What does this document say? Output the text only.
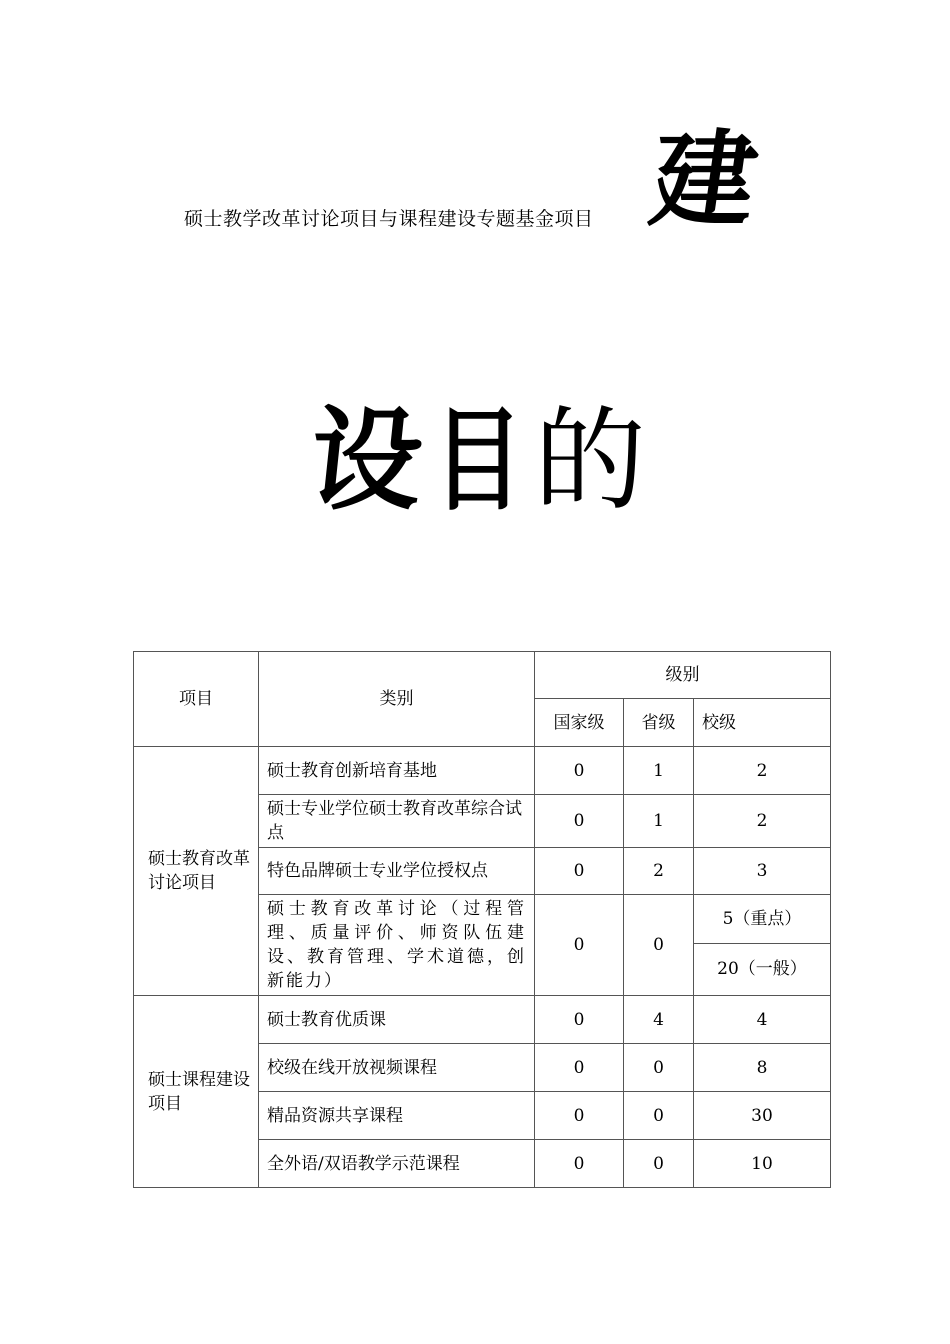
硕士教学改革讨论项目与课程建设专题基金项目 建
设目 的
项目	类别	级别		
		国家级	省级	校级
硕士教育改革讨论项目	硕士教育创新培育基地	0	1	2
	硕士专业学位硕士教育改革综合试点	0	1	2
	特色品牌硕士专业学位授权点	0	2	3
	硕士教育改革讨论（过程管理、质量评价、师资队伍建设、教育管理、学术道德，创新能力）	0	0	5（重点）
				20（一般）
硕士课程建设项目	硕士教育优质课	0	4	4
	校级在线开放视频课程	0	0	8
	精品资源共享课程	0	0	30
	全外语/双语教学示范课程	0	0	10
